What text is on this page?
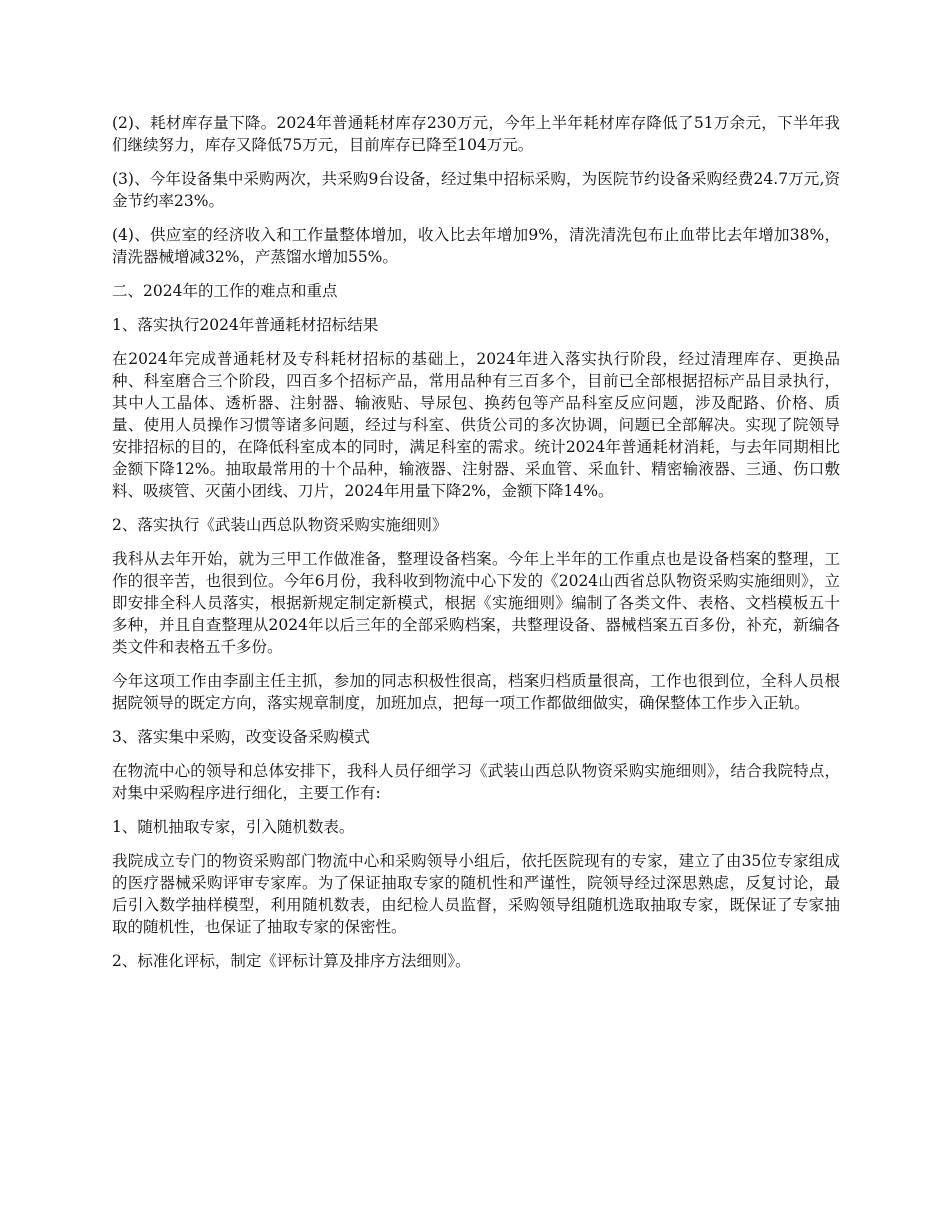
(2)、耗材库存量下降。2024年普通耗材库存230万元，今年上半年耗材库存降低了51万余元，下半年我们继续努力，库存又降低75万元，目前库存已降至104万元。

(3)、今年设备集中采购两次，共采购9台设备，经过集中招标采购，为医院节约设备采购经费24.7万元,资金节约率23%。

(4)、供应室的经济收入和工作量整体增加，收入比去年增加9%，清洗清洗包布止血带比去年增加38%，清洗器械增减32%，产蒸馏水增加55%。

二、2024年的工作的难点和重点

1、落实执行2024年普通耗材招标结果

在2024年完成普通耗材及专科耗材招标的基础上，2024年进入落实执行阶段，经过清理库存、更换品种、科室磨合三个阶段，四百多个招标产品，常用品种有三百多个，目前已全部根据招标产品目录执行，其中人工晶体、透析器、注射器、输液贴、导尿包、换药包等产品科室反应问题，涉及配路、价格、质量、使用人员操作习惯等诸多问题，经过与科室、供货公司的多次协调，问题已全部解决。实现了院领导安排招标的目的，在降低科室成本的同时，满足科室的需求。统计2024年普通耗材消耗，与去年同期相比金额下降12%。抽取最常用的十个品种，输液器、注射器、采血管、采血针、精密输液器、三通、伤口敷料、吸痰管、灭菌小团线、刀片，2024年用量下降2%，金额下降14%。

2、落实执行《武装山西总队物资采购实施细则》

我科从去年开始，就为三甲工作做准备，整理设备档案。今年上半年的工作重点也是设备档案的整理，工作的很辛苦，也很到位。今年6月份，我科收到物流中心下发的《2024山西省总队物资采购实施细则》，立即安排全科人员落实，根据新规定制定新模式，根据《实施细则》编制了各类文件、表格、文档模板五十多种，并且自查整理从2024年以后三年的全部采购档案，共整理设备、器械档案五百多份，补充，新编各类文件和表格五千多份。

今年这项工作由李副主任主抓，参加的同志积极性很高，档案归档质量很高，工作也很到位，全科人员根据院领导的既定方向，落实规章制度，加班加点，把每一项工作都做细做实，确保整体工作步入正轨。

3、落实集中采购，改变设备采购模式

在物流中心的领导和总体安排下，我科人员仔细学习《武装山西总队物资采购实施细则》，结合我院特点，对集中采购程序进行细化，主要工作有:

1、随机抽取专家，引入随机数表。

我院成立专门的物资采购部门物流中心和采购领导小组后，依托医院现有的专家，建立了由35位专家组成的医疗器械采购评审专家库。为了保证抽取专家的随机性和严谨性，院领导经过深思熟虑，反复讨论，最后引入数学抽样模型，利用随机数表，由纪检人员监督，采购领导组随机选取抽取专家，既保证了专家抽取的随机性，也保证了抽取专家的保密性。

2、标准化评标，制定《评标计算及排序方法细则》。
